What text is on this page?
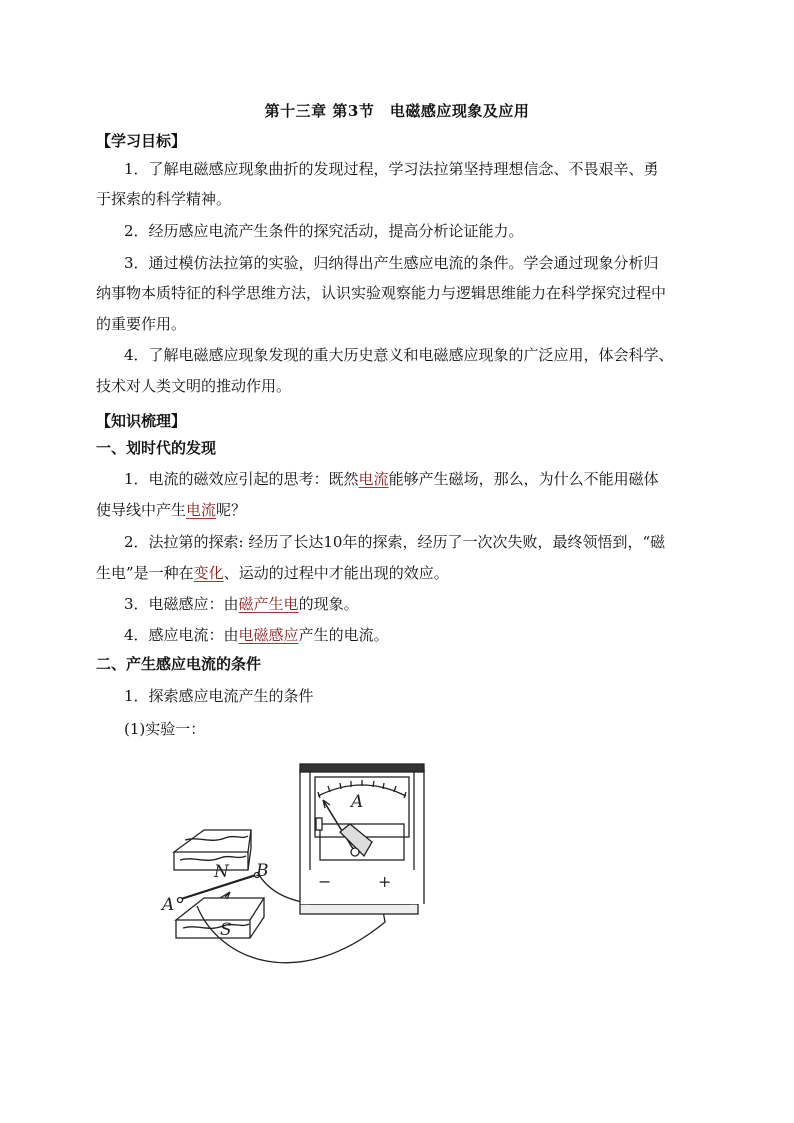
第十三章 第3节　电磁感应现象及应用
【学习目标】
1．了解电磁感应现象曲折的发现过程，学习法拉第坚持理想信念、不畏艰辛、勇
于探索的科学精神。
2．经历感应电流产生条件的探究活动，提高分析论证能力。
3．通过模仿法拉第的实验，归纳得出产生感应电流的条件。学会通过现象分析归
纳事物本质特征的科学思维方法，认识实验观察能力与逻辑思维能力在科学探究过程中
的重要作用。
4．了解电磁感应现象发现的重大历史意义和电磁感应现象的广泛应用，体会科学、
技术对人类文明的推动作用。
【知识梳理】
一、划时代的发现
1．电流的磁效应引起的思考：既然电流能够产生磁场，那么，为什么不能用磁体
使导线中产生电流呢？
2．法拉第的探索: 经历了长达10年的探索，经历了一次次失败，最终领悟到，“磁
生电”是一种在变化、运动的过程中才能出现的效应。
3．电磁感应：由磁产生电的现象。
4．感应电流：由电磁感应产生的电流。
二、产生感应电流的条件
1．探索感应电流产生的条件
(1)实验一：
N
S
A
B
A
−	+
